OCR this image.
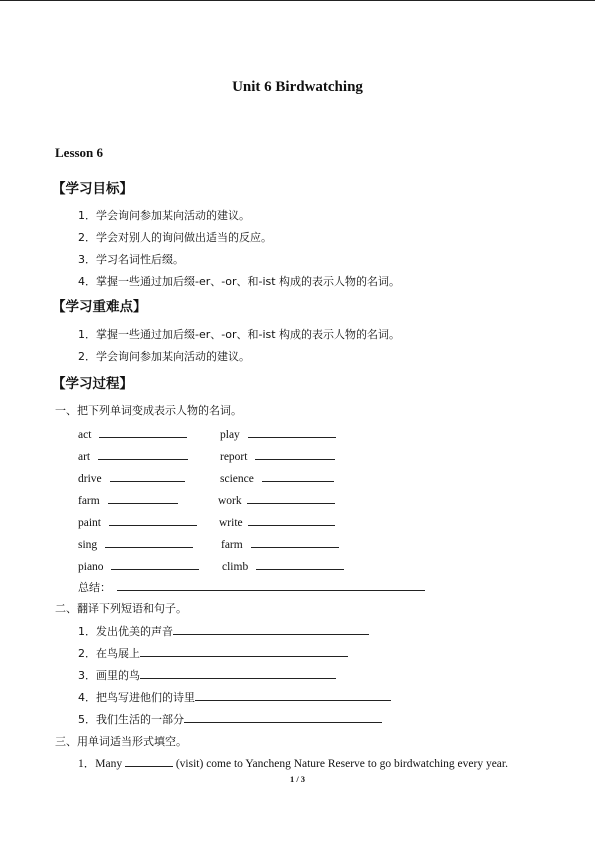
Unit 6 Birdwatching
Lesson 6
【学习目标】
1．学会询问参加某向活动的建议。
2．学会对别人的询问做出适当的反应。
3．学习名词性后缀。
4．掌握一些通过加后缀-er、-or、和-ist 构成的表示人物的名词。
【学习重难点】
1．掌握一些通过加后缀-er、-or、和-ist 构成的表示人物的名词。
2．学会询问参加某向活动的建议。
【学习过程】
一、把下列单词变成表示人物的名词。
act	play
art	report
drive	science
farm	work
paint	write
sing	farm
piano	climb
总结：
二、翻译下列短语和句子。
1．发出优美的声音
2．在鸟展上
3．画里的鸟
4．把鸟写进他们的诗里
5．我们生活的一部分
三、用单词适当形式填空。
1．Many	(visit) come to Yancheng Nature Reserve to go birdwatching every year.
1 / 3
